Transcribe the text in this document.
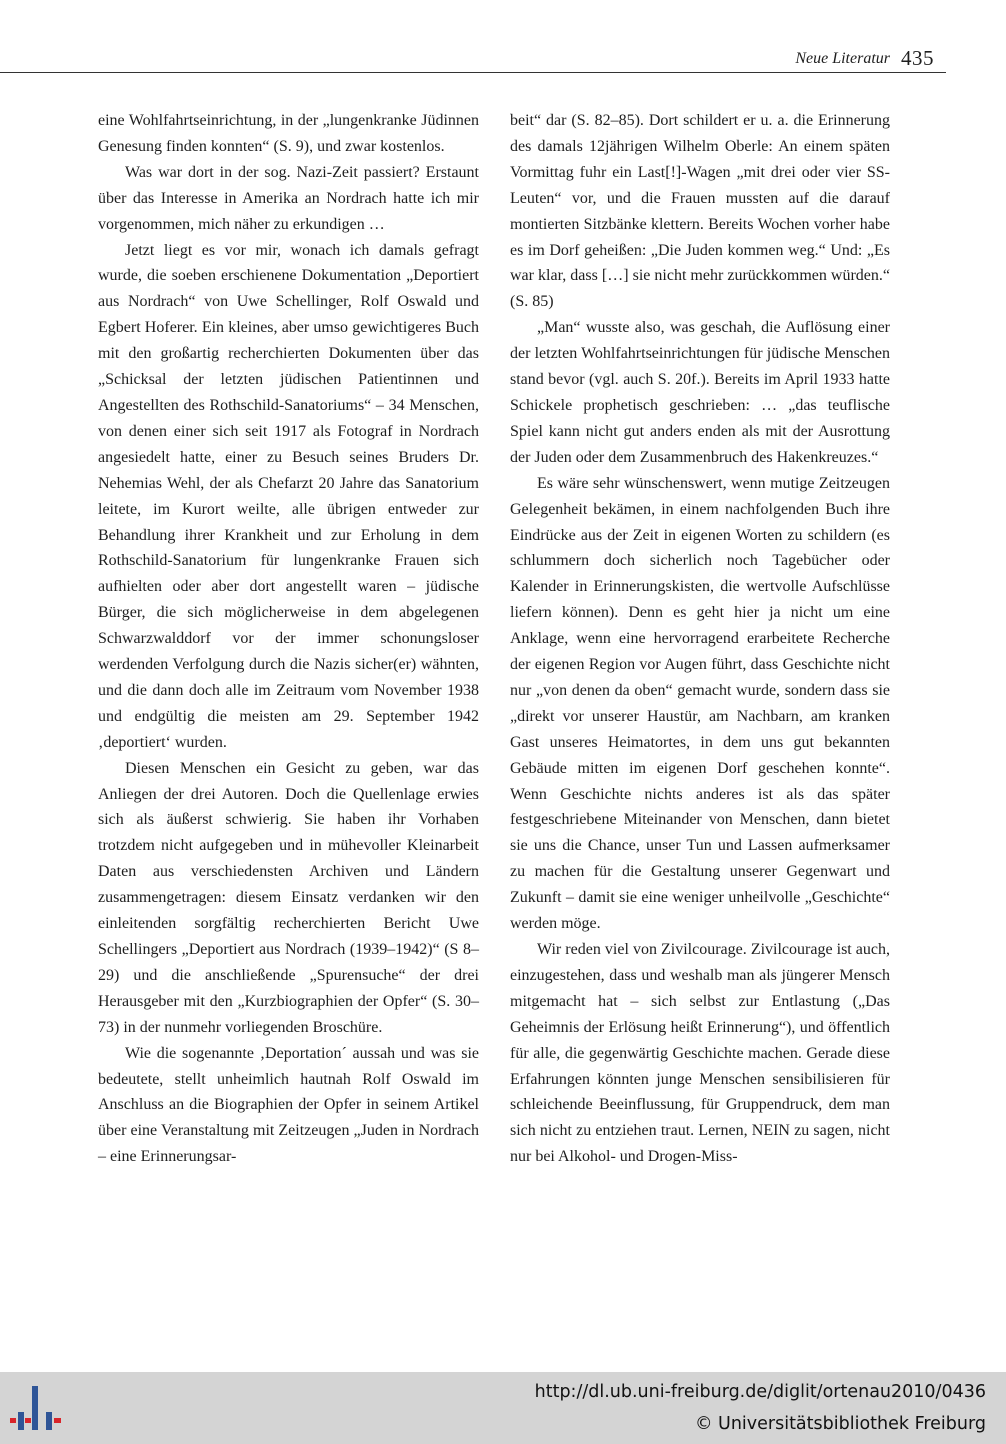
Neue Literatur 435

eine Wohlfahrtseinrichtung, in der „lungenkranke Jüdinnen Genesung finden konnten“ (S. 9), und zwar kostenlos.

Was war dort in der sog. Nazi-Zeit passiert? Erstaunt über das Interesse in Amerika an Nordrach hatte ich mir vorgenommen, mich näher zu erkundigen …

Jetzt liegt es vor mir, wonach ich damals gefragt wurde, die soeben erschienene Dokumentation „Deportiert aus Nordrach“ von Uwe Schellinger, Rolf Oswald und Egbert Hoferer. Ein kleines, aber umso gewichtigeres Buch mit den großartig recherchierten Dokumenten über das „Schicksal der letzten jüdischen Patientinnen und Angestellten des Rothschild-Sanatoriums“ – 34 Menschen, von denen einer sich seit 1917 als Fotograf in Nordrach angesiedelt hatte, einer zu Besuch seines Bruders Dr. Nehemias Wehl, der als Chefarzt 20 Jahre das Sanatorium leitete, im Kurort weilte, alle übrigen entweder zur Behandlung ihrer Krankheit und zur Erholung in dem Rothschild-Sanatorium für lungenkranke Frauen sich aufhielten oder aber dort angestellt waren – jüdische Bürger, die sich möglicherweise in dem abgelegenen Schwarzwalddorf vor der immer schonungsloser werdenden Verfolgung durch die Nazis sicher(er) wähnten, und die dann doch alle im Zeitraum vom November 1938 und endgültig die meisten am 29. September 1942 ‚deportiert‘ wurden.

Diesen Menschen ein Gesicht zu geben, war das Anliegen der drei Autoren. Doch die Quellenlage erwies sich als äußerst schwierig. Sie haben ihr Vorhaben trotzdem nicht aufgegeben und in mühevoller Kleinarbeit Daten aus verschiedensten Archiven und Ländern zusammengetragen: diesem Einsatz verdanken wir den einleitenden sorgfältig recherchierten Bericht Uwe Schellingers „Deportiert aus Nordrach (1939–1942)“ (S 8–29) und die anschließende „Spurensuche“ der drei Herausgeber mit den „Kurzbiographien der Opfer“ (S. 30–73) in der nunmehr vorliegenden Broschüre.

Wie die sogenannte ‚Deportation´ aussah und was sie bedeutete, stellt unheimlich hautnah Rolf Oswald im Anschluss an die Biographien der Opfer in seinem Artikel über eine Veranstaltung mit Zeitzeugen „Juden in Nordrach – eine Erinnerungsar-

beit“ dar (S. 82–85). Dort schildert er u. a. die Erinnerung des damals 12jährigen Wilhelm Oberle: An einem späten Vormittag fuhr ein Last[!]-Wagen „mit drei oder vier SS-Leuten“ vor, und die Frauen mussten auf die darauf montierten Sitzbänke klettern. Bereits Wochen vorher habe es im Dorf geheißen: „Die Juden kommen weg.“ Und: „Es war klar, dass […] sie nicht mehr zurückkommen würden.“ (S. 85)

„Man“ wusste also, was geschah, die Auflösung einer der letzten Wohlfahrtseinrichtungen für jüdische Menschen stand bevor (vgl. auch S. 20f.). Bereits im April 1933 hatte Schickele prophetisch geschrieben: … „das teuflische Spiel kann nicht gut anders enden als mit der Ausrottung der Juden oder dem Zusammenbruch des Hakenkreuzes.“

Es wäre sehr wünschenswert, wenn mutige Zeitzeugen Gelegenheit bekämen, in einem nachfolgenden Buch ihre Eindrücke aus der Zeit in eigenen Worten zu schildern (es schlummern doch sicherlich noch Tagebücher oder Kalender in Erinnerungskisten, die wertvolle Aufschlüsse liefern können). Denn es geht hier ja nicht um eine Anklage, wenn eine hervorragend erarbeitete Recherche der eigenen Region vor Augen führt, dass Geschichte nicht nur „von denen da oben“ gemacht wurde, sondern dass sie „direkt vor unserer Haustür, am Nachbarn, am kranken Gast unseres Heimatortes, in dem uns gut bekannten Gebäude mitten im eigenen Dorf geschehen konnte“. Wenn Geschichte nichts anderes ist als das später festgeschriebene Miteinander von Menschen, dann bietet sie uns die Chance, unser Tun und Lassen aufmerksamer zu machen für die Gestaltung unserer Gegenwart und Zukunft – damit sie eine weniger unheilvolle „Geschichte“ werden möge.

Wir reden viel von Zivilcourage. Zivilcourage ist auch, einzugestehen, dass und weshalb man als jüngerer Mensch mitgemacht hat – sich selbst zur Entlastung („Das Geheimnis der Erlösung heißt Erinnerung“), und öffentlich für alle, die gegenwärtig Geschichte machen. Gerade diese Erfahrungen könnten junge Menschen sensibilisieren für schleichende Beeinflussung, für Gruppendruck, dem man sich nicht zu entziehen traut. Lernen, NEIN zu sagen, nicht nur bei Alkohol- und Drogen-Miss-

http://dl.ub.uni-freiburg.de/diglit/ortenau2010/0436
© Universitätsbibliothek Freiburg
